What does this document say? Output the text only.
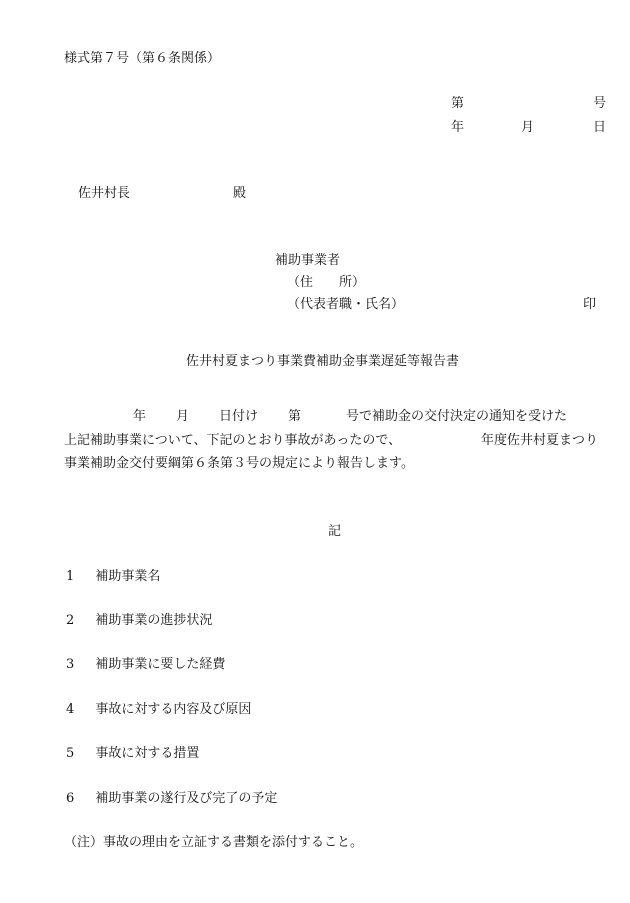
様式第７号（第６条関係）
第	号
年	月	日
佐井村長	殿
補助事業者
（住　　所）
（代表者職・氏名）	印
佐井村夏まつり事業費補助金事業遅延等報告書
年 月 日付け 第	号で補助金の交付決定の通知を受けた
上記補助事業について、下記のとおり事故があったので、	年度佐井村夏まつり
事業補助金交付要綱第６条第３号の規定により報告します。
記
1 補助事業名
2 補助事業の進捗状況
3 補助事業に要した経費
4 事故に対する内容及び原因
5 事故に対する措置
6 補助事業の遂行及び完了の予定
（注）事故の理由を立証する書類を添付すること。
